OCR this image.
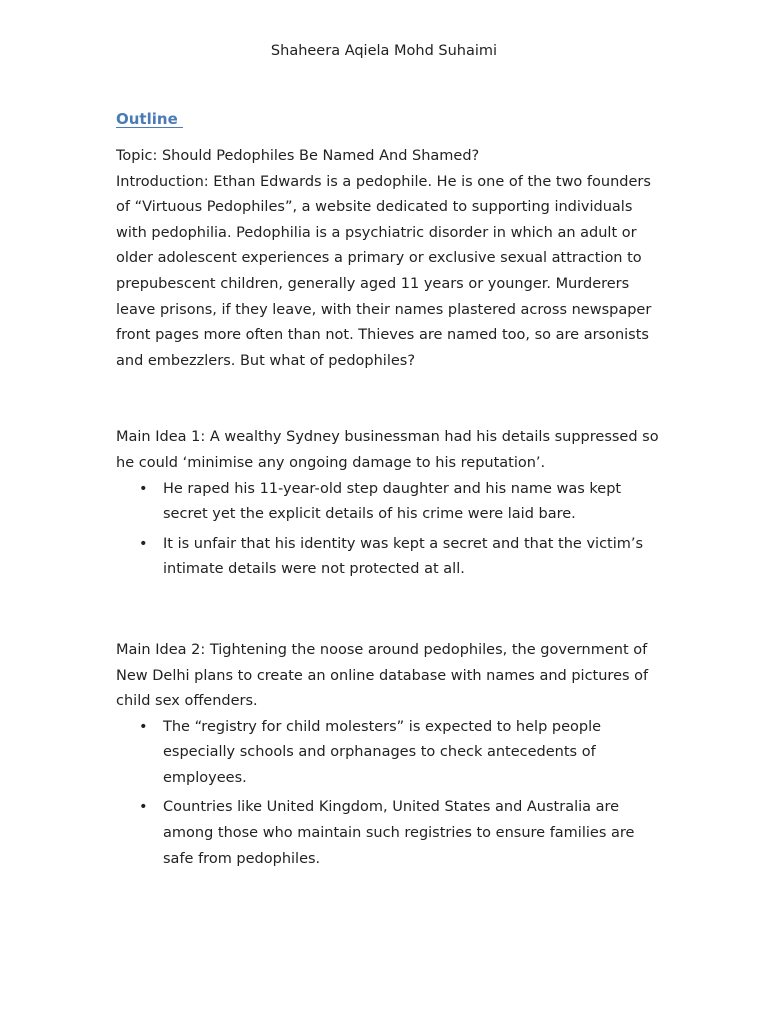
Shaheera Aqiela Mohd Suhaimi
Outline

Topic: Should Pedophiles Be Named And Shamed?

Introduction: Ethan Edwards is a pedophile. He is one of the two founders of “Virtuous Pedophiles”, a website dedicated to supporting individuals with pedophilia. Pedophilia is a psychiatric disorder in which an adult or older adolescent experiences a primary or exclusive sexual attraction to prepubescent children, generally aged 11 years or younger. Murderers leave prisons, if they leave, with their names plastered across newspaper front pages more often than not. Thieves are named too, so are arsonists and embezzlers. But what of pedophiles?

Main Idea 1: A wealthy Sydney businessman had his details suppressed so he could ‘minimise any ongoing damage to his reputation’.

• He raped his 11-year-old step daughter and his name was kept secret yet the explicit details of his crime were laid bare.
• It is unfair that his identity was kept a secret and that the victim’s intimate details were not protected at all.

Main Idea 2: Tightening the noose around pedophiles, the government of New Delhi plans to create an online database with names and pictures of child sex offenders.

• The “registry for child molesters” is expected to help people especially schools and orphanages to check antecedents of employees.
• Countries like United Kingdom, United States and Australia are among those who maintain such registries to ensure families are safe from pedophiles.
